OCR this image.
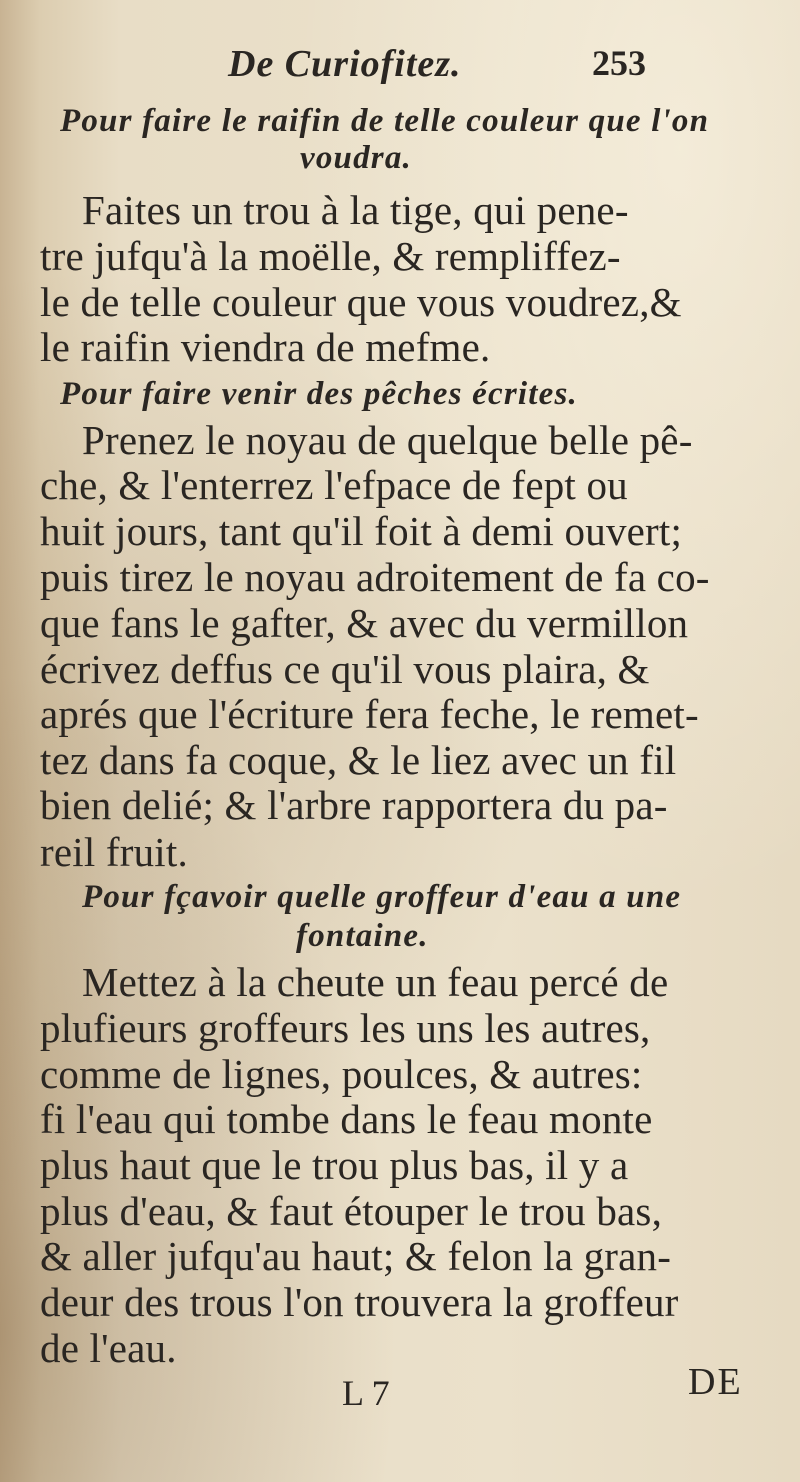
De Curiofitez.	253
Pour faire le raifin de telle couleur que l'on
voudra.
Faites un trou à la tige, qui pene-
tre jufqu'à la moëlle, & rempliffez-
le de telle couleur que vous voudrez,&
le raifin viendra de mefme.
Pour faire venir des pêches écrites.
Prenez le noyau de quelque belle pê-
che, & l'enterrez l'efpace de fept ou
huit jours, tant qu'il foit à demi ouvert;
puis tirez le noyau adroitement de fa co-
que fans le gafter, & avec du vermillon
écrivez deffus ce qu'il vous plaira, &
aprés que l'écriture fera feche, le remet-
tez dans fa coque, & le liez avec un fil
bien delié; & l'arbre rapportera du pa-
reil fruit.
Pour fçavoir quelle groffeur d'eau a une
fontaine.
Mettez à la cheute un feau percé de
plufieurs groffeurs les uns les autres,
comme de lignes, poulces, & autres:
fi l'eau qui tombe dans le feau monte
plus haut que le trou plus bas, il y a
plus d'eau, & faut étouper le trou bas,
& aller jufqu'au haut; & felon la gran-
deur des trous l'on trouvera la groffeur
de l'eau.
L 7	DE
